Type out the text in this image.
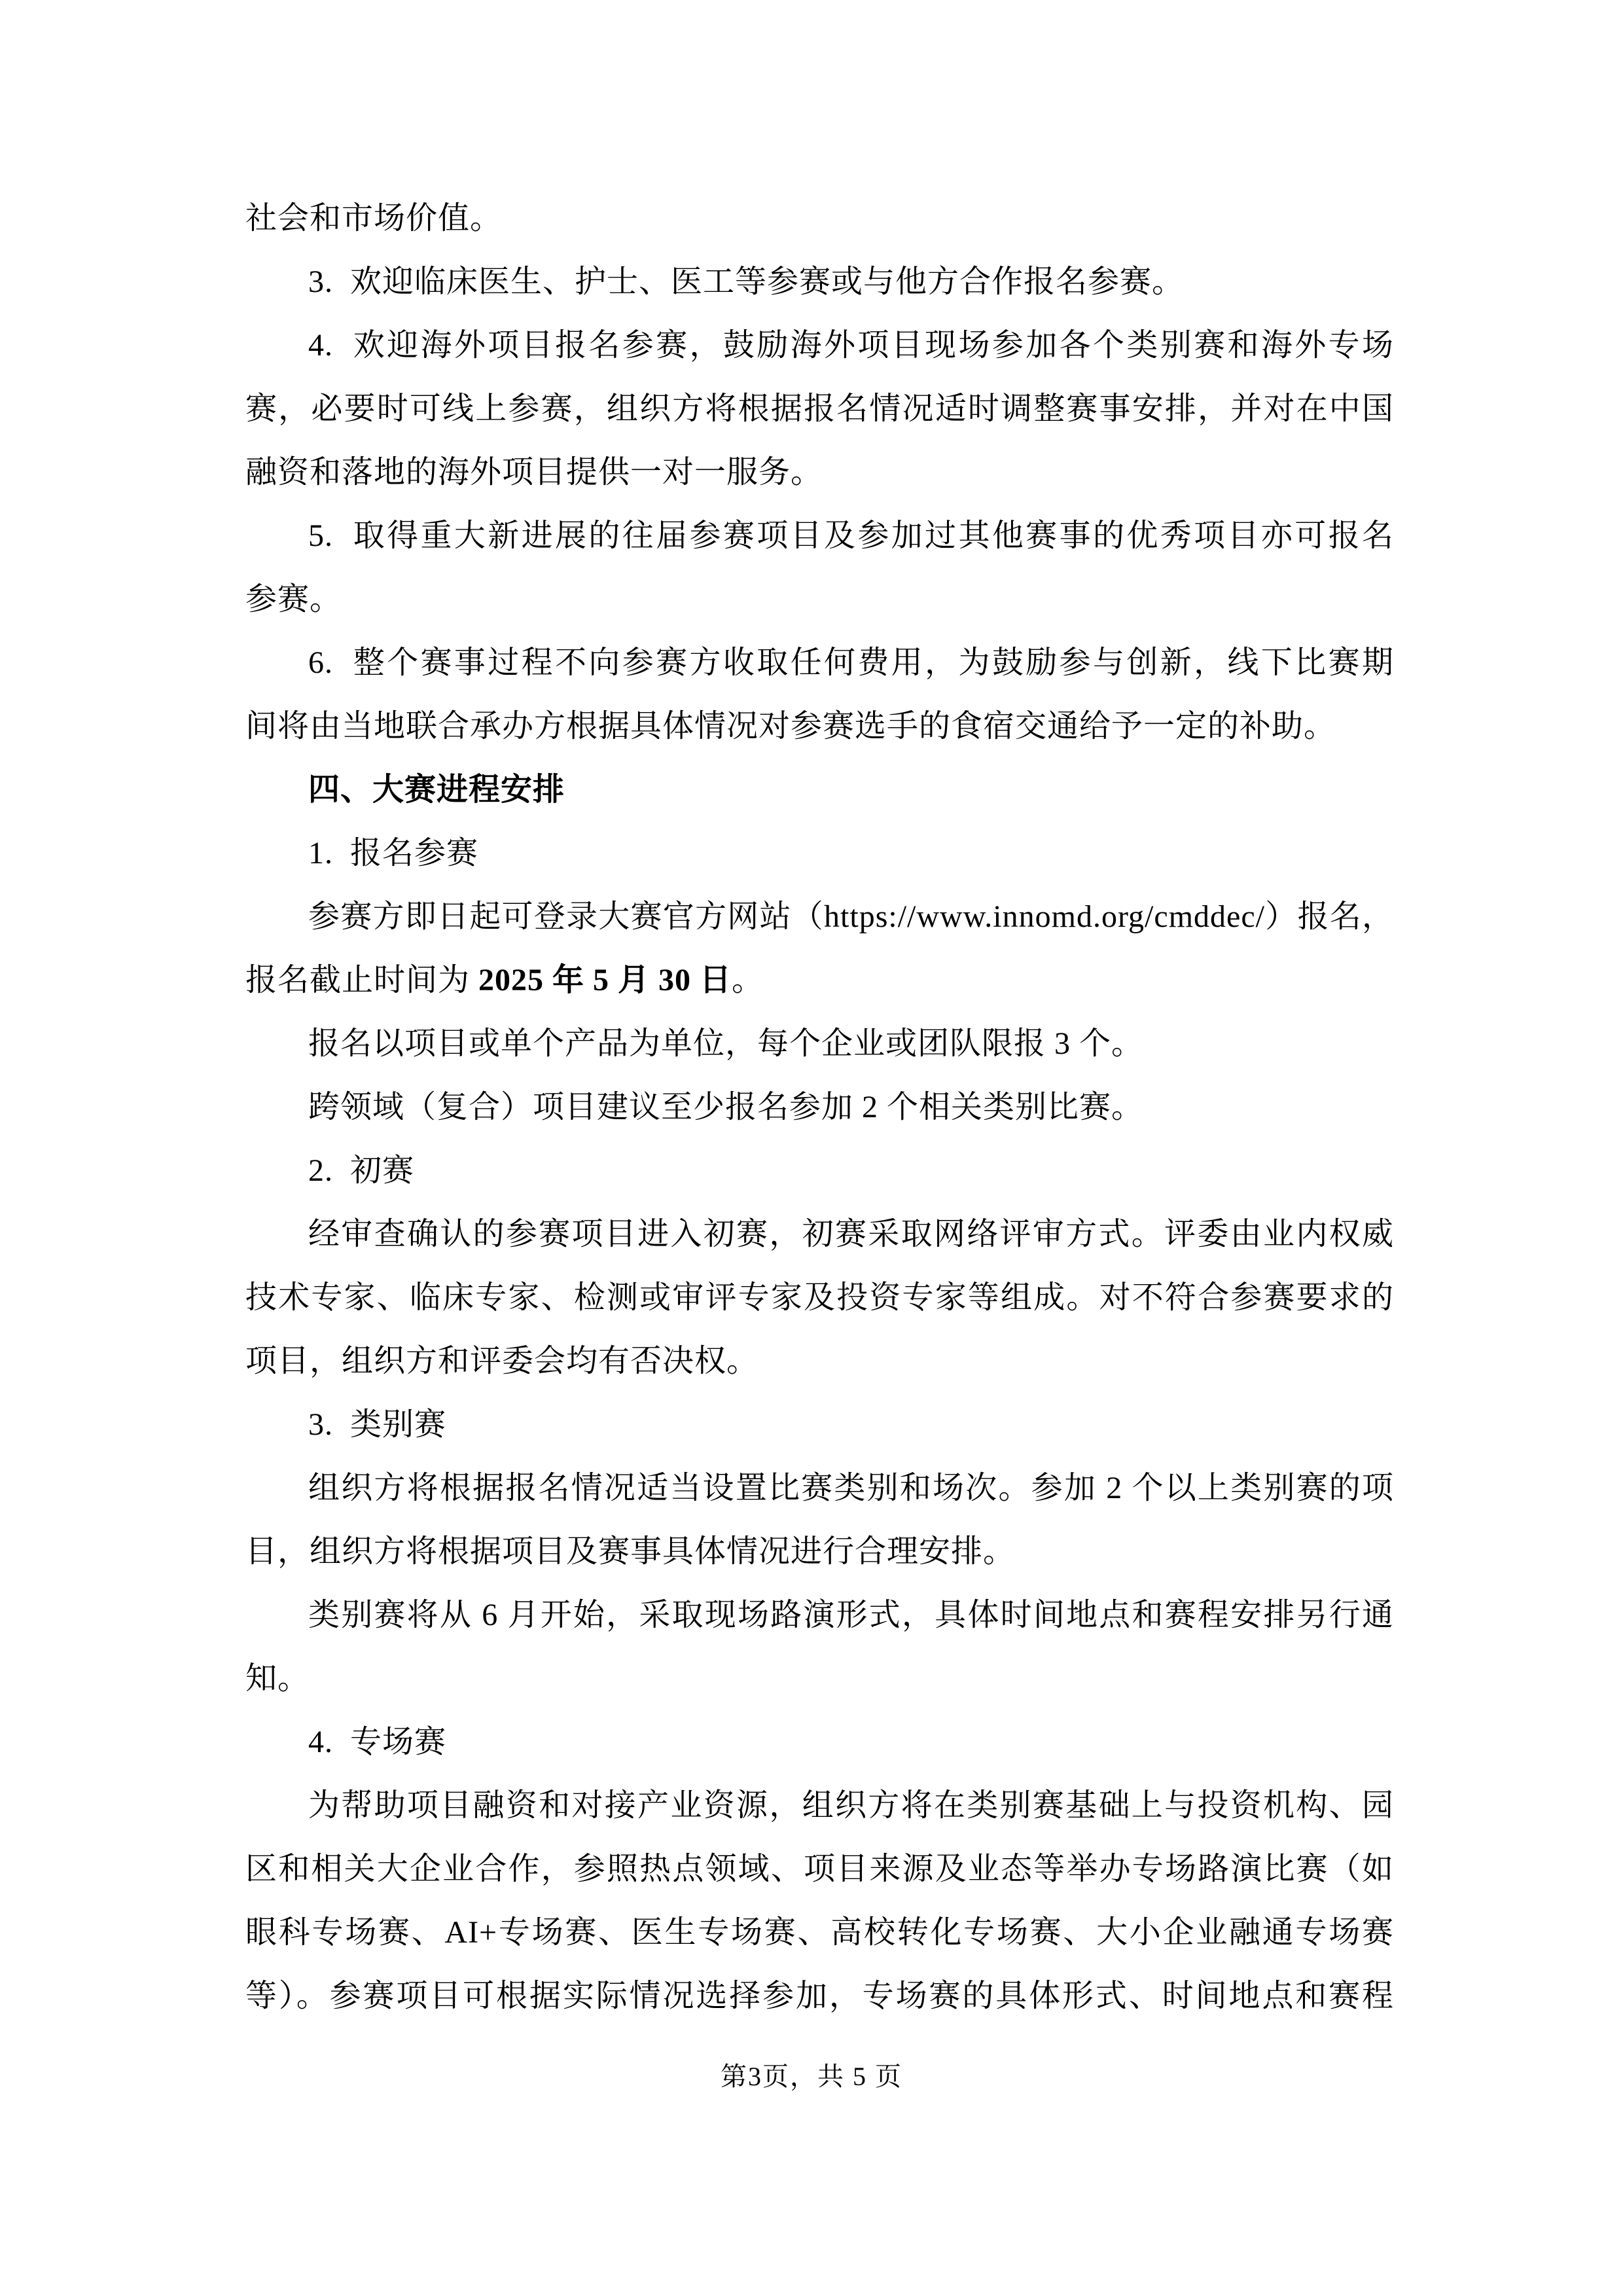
社会和市场价值。
3.  欢迎临床医生、护士、医工等参赛或与他方合作报名参赛。
4.  欢迎海外项目报名参赛，鼓励海外项目现场参加各个类别赛和海外专场
赛，必要时可线上参赛，组织方将根据报名情况适时调整赛事安排，并对在中国
融资和落地的海外项目提供一对一服务。
5.  取得重大新进展的往届参赛项目及参加过其他赛事的优秀项目亦可报名
参赛。
6.  整个赛事过程不向参赛方收取任何费用，为鼓励参与创新，线下比赛期
间将由当地联合承办方根据具体情况对参赛选手的食宿交通给予一定的补助。
四、大赛进程安排
1.  报名参赛
参赛方即日起可登录大赛官方网站（https://www.innomd.org/cmddec/）报名，
报名截止时间为 2025 年 5 月 30 日。
报名以项目或单个产品为单位，每个企业或团队限报 3 个。
跨领域（复合）项目建议至少报名参加 2 个相关类别比赛。
2.  初赛
经审查确认的参赛项目进入初赛，初赛采取网络评审方式。评委由业内权威
技术专家、临床专家、检测或审评专家及投资专家等组成。对不符合参赛要求的
项目，组织方和评委会均有否决权。
3.  类别赛
组织方将根据报名情况适当设置比赛类别和场次。参加 2 个以上类别赛的项
目，组织方将根据项目及赛事具体情况进行合理安排。
类别赛将从 6 月开始，采取现场路演形式，具体时间地点和赛程安排另行通
知。
4.  专场赛
为帮助项目融资和对接产业资源，组织方将在类别赛基础上与投资机构、园
区和相关大企业合作，参照热点领域、项目来源及业态等举办专场路演比赛（如
眼科专场赛、AI+专场赛、医生专场赛、高校转化专场赛、大小企业融通专场赛
等）。参赛项目可根据实际情况选择参加，专场赛的具体形式、时间地点和赛程
第3页，共 5 页
